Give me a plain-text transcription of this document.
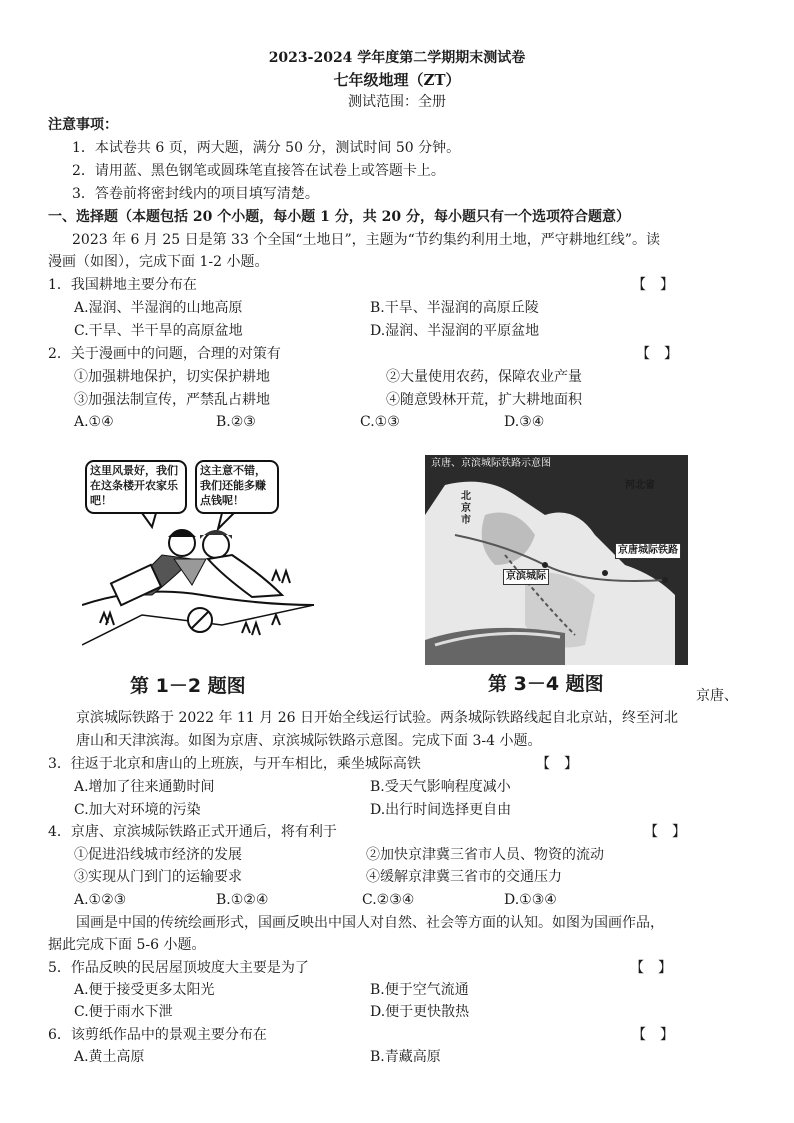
2023-2024 学年度第二学期期末测试卷
七年级地理（ZT）
测试范围：全册
注意事项：
1．本试卷共 6 页，两大题，满分 50 分，测试时间 50 分钟。
2．请用蓝、黑色钢笔或圆珠笔直接答在试卷上或答题卡上。
3．答卷前将密封线内的项目填写清楚。
一、选择题（本题包括 20 个小题，每小题 1 分，共 20 分，每小题只有一个选项符合题意）
2023 年 6 月 25 日是第 33 个全国“土地日”，主题为“节约集约利用土地，严守耕地红线”。读
漫画（如图），完成下面 1-2 小题。
1．我国耕地主要分布在	【　】
A.湿润、半湿润的山地高原	B.干旱、半湿润的高原丘陵
C.干旱、半干旱的高原盆地	D.湿润、半湿润的平原盆地
2．关于漫画中的问题，合理的对策有	【　】
①加强耕地保护，切实保护耕地	②大量使用农药，保障农业产量
③加强法制宣传，严禁乱占耕地	④随意毁林开荒，扩大耕地面积
A.①④	B.②③	C.①③	D.③④
这里风景好，我们在这条楼开农家乐吧！
这主意不错，我们还能多赚点钱呢！
第 1－2 题图
京唐、京滨城际铁路示意图
河北省
北京市
京唐城际铁路
京滨城际
第 3－4 题图
京唐、
京滨城际铁路于 2022 年 11 月 26 日开始全线运行试验。两条城际铁路线起自北京站，终至河北
唐山和天津滨海。如图为京唐、京滨城际铁路示意图。完成下面 3-4 小题。
3．往返于北京和唐山的上班族，与开车相比，乘坐城际高铁	【　】
A.增加了往来通勤时间	B.受天气影响程度减小
C.加大对环境的污染	D.出行时间选择更自由
4．京唐、京滨城际铁路正式开通后，将有利于	【　】
①促进沿线城市经济的发展	②加快京津冀三省市人员、物资的流动
③实现从门到门的运输要求	④缓解京津冀三省市的交通压力
A.①②③	B.①②④	C.②③④	D.①③④
国画是中国的传统绘画形式，国画反映出中国人对自然、社会等方面的认知。如图为国画作品，
据此完成下面 5-6 小题。
5．作品反映的民居屋顶坡度大主要是为了	【　】
A.便于接受更多太阳光	B.便于空气流通
C.便于雨水下泄	D.便于更快散热
6．该剪纸作品中的景观主要分布在	【　】
A.黄土高原	B.青藏高原
